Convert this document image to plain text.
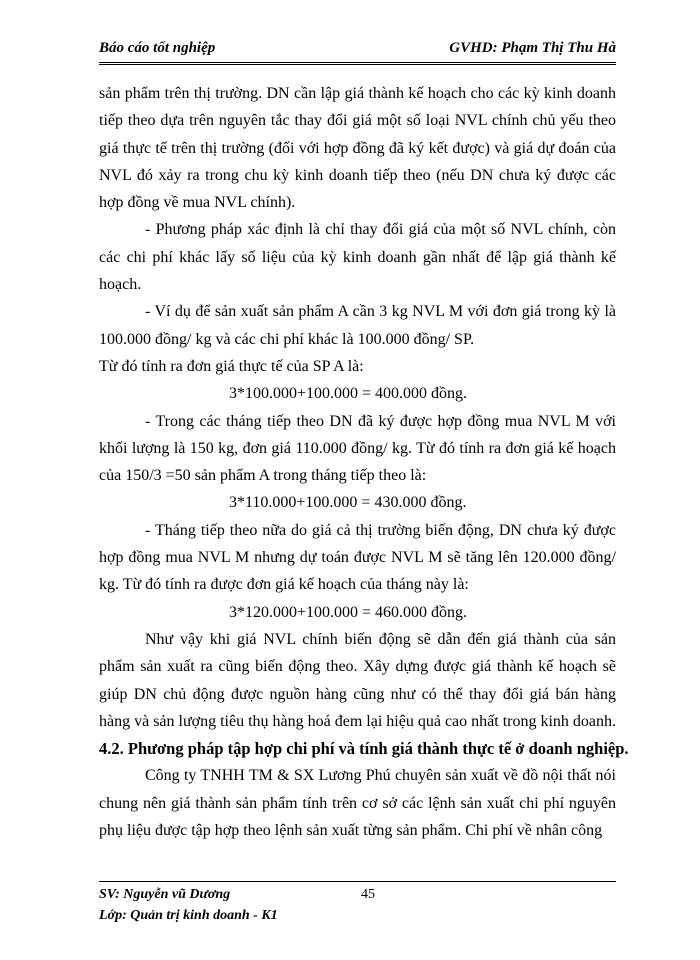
Báo cáo tốt nghiệp	GVHD: Phạm Thị Thu Hà

sản phẩm trên thị trường. DN cần lập giá thành kế hoạch cho các kỳ kinh doanh tiếp theo dựa trên nguyên tắc thay đổi giá một số loại NVL chính chủ yếu theo giá thực tế trên thị trường (đối với hợp đồng đã ký kết được) và giá dự đoán của NVL đó xảy ra trong chu kỳ kinh doanh tiếp theo (nếu DN chưa ký được các hợp đồng về mua NVL chính).

- Phương pháp xác định là chỉ thay đổi giá của một số NVL chính, còn các chi phí khác lấy số liệu của kỳ kinh doanh gần nhất để lập giá thành kế hoạch.

- Ví dụ để sản xuất sản phẩm A cần 3 kg NVL M với đơn giá trong kỳ là 100.000 đồng/ kg và các chi phí khác là 100.000 đồng/ SP.

Từ đó tính ra đơn giá thực tế của SP A là:

3*100.000+100.000 = 400.000 đồng.

- Trong các tháng tiếp theo DN đã ký được hợp đồng mua NVL M với khối lượng là 150 kg, đơn giá 110.000 đồng/ kg. Từ đó tính ra đơn giá kế hoạch của 150/3 =50 sản phẩm A trong tháng tiếp theo là:

3*110.000+100.000 = 430.000 đồng.

- Tháng tiếp theo nữa do giá cả thị trường biến động, DN chưa ký được hợp đồng mua NVL M nhưng dự toán được NVL M sẽ tăng lên 120.000 đồng/ kg. Từ đó tính ra được đơn giá kế hoạch của tháng này là:

3*120.000+100.000 = 460.000 đồng.

Như vậy khi giá NVL chính biến động sẽ dẫn đến giá thành của sản phẩm sản xuất ra cũng biến động theo. Xây dựng được giá thành kế hoạch sẽ giúp DN chủ động được nguồn hàng cũng như có thể thay đổi giá bán hàng hàng và sản lượng tiêu thụ hàng hoá đem lại hiệu quả cao nhất trong kinh doanh.

4.2. Phương pháp tập hợp chi phí và tính giá thành thực tế ở doanh nghiệp.

Công ty TNHH TM & SX Lương Phú chuyên sản xuất về đồ nội thất nói chung nên giá thành sản phẩm tính trên cơ sở các lệnh sản xuất chi phí nguyên phụ liệu được tập hợp theo lệnh sản xuất từng sản phẩm. Chi phí về nhân công

SV: Nguyễn vũ Dương	45
Lớp: Quản trị kinh doanh - K1
